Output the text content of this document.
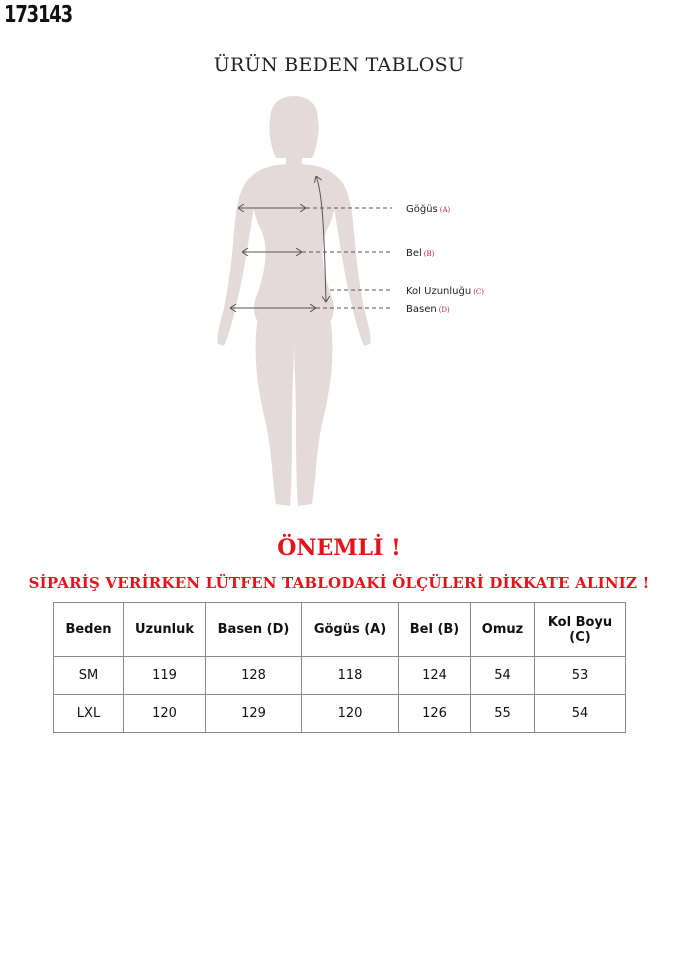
173143
ÜRÜN BEDEN TABLOSU
Göğüs (A)
Bel (B)
Kol Uzunluğu (C)
Basen (D)
ÖNEMLİ !
SİPARİŞ VERİRKEN LÜTFEN TABLODAKİ ÖLÇÜLERİ DİKKATE ALINIZ !
Beden	Uzunluk	Basen (D)	Gögüs (A)	Bel (B)	Omuz	Kol Boyu (C)
SM	119	128	118	124	54	53
LXL	120	129	120	126	55	54
